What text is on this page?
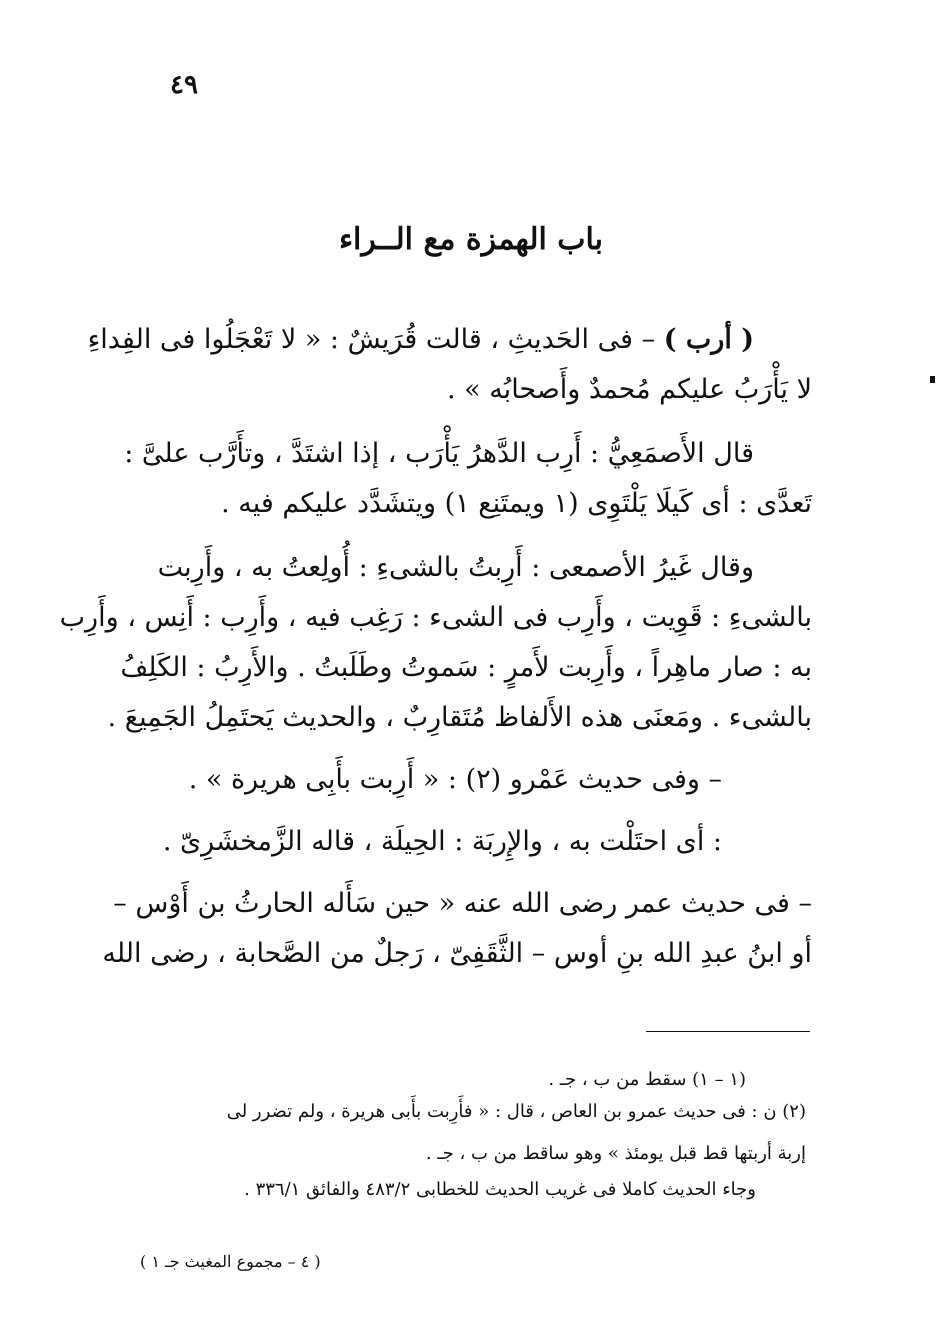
٤٩
باب الهمزة مع الــراء
( أرب ) – فى الحَديثِ ، قالت قُرَيشٌ : « لا تَعْجَلُوا فى الفِداءِ
لا يَأْرَبُ عليكم مُحمدٌ وأَصحابُه » .
قال الأَصمَعِيُّ : أَرِب الدَّهرُ يَأْرَب ، إذا اشتَدَّ ، وتأَرَّب علىَّ :
تَعدَّى : أى كَيلَا يَلْتَوِى (١ ويمتَنِع ١) ويتشَدَّد عليكم فيه .
وقال غَيرُ الأصمعى : أَرِبتُ بالشىءِ : أُولِعتُ به ، وأَرِبت
بالشىءِ : قَوِيت ، وأَرِب فى الشىء : رَغِب فيه ، وأَرِب : أَنِس ، وأَرِب
به : صار ماهِراً ، وأَرِبت لأَمرٍ : سَموتُ وطَلَبتُ . والأَرِبُ : الكَلِفُ
بالشىء . ومَعنَى هذه الأَلفاظ مُتَقارِبٌ ، والحديث يَحتَمِلُ الجَمِيعَ .
– وفى حديث عَمْرو (٢) : « أَرِبت بأَبِى هريرة » .
: أى احتَلْت به ، والإِربَة : الحِيلَة ، قاله الزَّمخشَرِىّ .
– فى حديث عمر رضى الله عنه « حين سَأَله الحارثُ بن أَوْس –
أو ابنُ عبدِ الله بنِ أوس – الثَّقَفِىّ ، رَجلٌ من الصَّحابة ، رضى الله
(١ – ١) سقط من ب ، جـ .
(٢) ن : فى حديث عمرو بن العاص ، قال : « فأَرِبت بأَبى هريرة ، ولم تضرر لى
إربة أربتها قط قبل يومئذ » وهو ساقط من ب ، جـ .
وجاء الحديث كاملا فى غريب الحديث للخطابى ٤٨٣/٢ والفائق ٣٣٦/١ .
( ٤ – مجموع المغيث جـ ١ )
